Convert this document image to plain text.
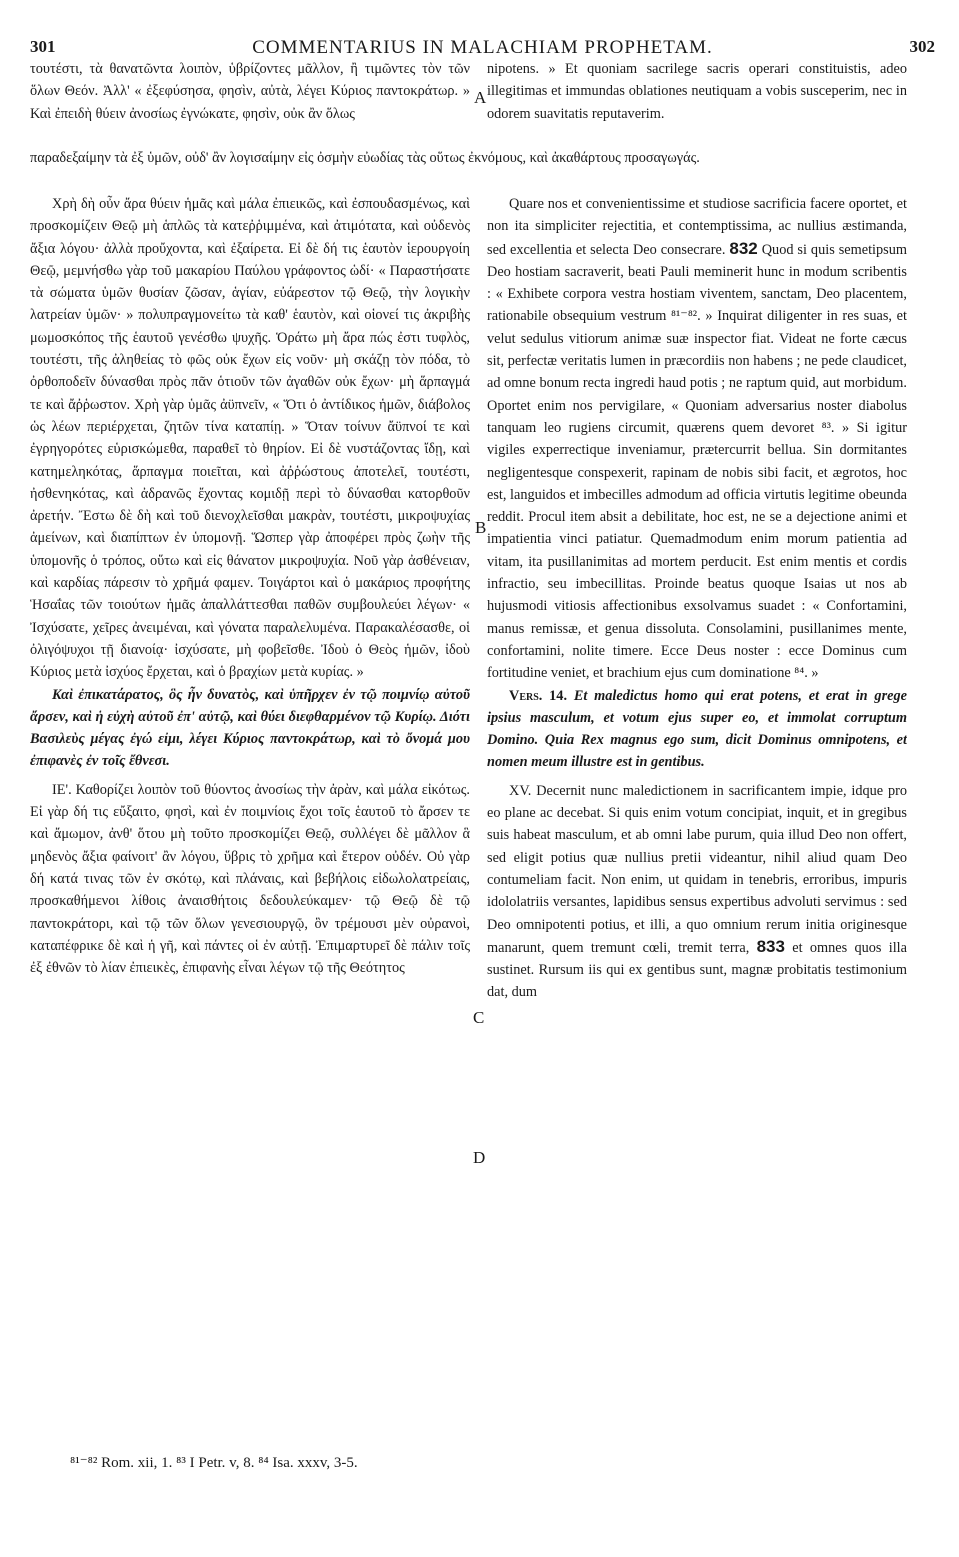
301	COMMENTARIUS IN MALACHIAM PROPHETAM.	302
A
B
C
D

τουτέστι, τὰ θανατῶντα λοιπὸν, ὑβρίζοντες μᾶλλον, ἢ τιμῶντες τὸν τῶν ὅλων Θεόν. Ἀλλ' « ἐξεφύσησα, φησὶν, αὐτὰ, λέγει Κύριος παντοκράτωρ. » Καὶ ἐπειδὴ θύειν ἀνοσίως ἐγνώκατε, φησὶν, οὐκ ἂν ὅλως

nipotens. » Et quoniam sacrilege sacris operari constituistis, adeo illegitimas et immundas oblationes neutiquam a vobis susceperim, nec in odorem suavitatis reputaverim.

παραδεξαίμην τὰ ἐξ ὑμῶν, οὐδ' ἂν λογισαίμην εἰς ὀσμὴν εὐωδίας τὰς οὕτως ἐκνόμους, καὶ ἀκαθάρτους προσαγωγάς.

Χρὴ δὴ οὖν ἄρα θύειν ἡμᾶς καὶ μάλα ἐπιεικῶς, καὶ ἐσπουδασμένως, καὶ προσκομίζειν Θεῷ μὴ ἁπλῶς τὰ κατεῤῥιμμένα, καὶ ἀτιμότατα, καὶ οὐδενὸς ἄξια λόγου· ἀλλὰ προὔχοντα, καὶ ἐξαίρετα. Εἰ δὲ δή τις ἑαυτὸν ἱερουργοίη Θεῷ, μεμνήσθω γὰρ τοῦ μακαρίου Παύλου γράφοντος ὡδί· « Παραστήσατε τὰ σώματα ὑμῶν θυσίαν ζῶσαν, ἁγίαν, εὐάρεστον τῷ Θεῷ, τὴν λογικὴν λατρείαν ὑμῶν· » πολυπραγμονείτω τὰ καθ' ἑαυτὸν, καὶ οἱονεί τις ἀκριβὴς μωμοσκόπος τῆς ἑαυτοῦ γενέσθω ψυχῆς. Ὁράτω μὴ ἄρα πώς ἐστι τυφλὸς, τουτέστι, τῆς ἀληθείας τὸ φῶς οὐκ ἔχων εἰς νοῦν· μὴ σκάζῃ τὸν πόδα, τὸ ὀρθοποδεῖν δύνασθαι πρὸς πᾶν ὁτιοῦν τῶν ἀγαθῶν οὐκ ἔχων· μὴ ἅρπαγμά τε καὶ ἄῤῥωστον. Χρὴ γὰρ ὑμᾶς ἀϋπνεῖν, « Ὅτι ὁ ἀντίδικος ἡμῶν, διάβολος ὡς λέων περιέρχεται, ζητῶν τίνα καταπίῃ. » Ὅταν τοίνυν ἄϋπνοί τε καὶ ἐγρηγορότες εὑρισκώμεθα, παραθεῖ τὸ θηρίον. Εἰ δὲ νυστάζοντας ἴδῃ, καὶ κατημεληκότας, ἅρπαγμα ποιεῖται, καὶ ἀῤῥώστους ἀποτελεῖ, τουτέστι, ἠσθενηκότας, καὶ ἀδρανῶς ἔχοντας κομιδῇ περὶ τὸ δύνασθαι κατορθοῦν ἀρετήν. Ἔστω δὲ δὴ καὶ τοῦ διενοχλεῖσθαι μακρὰν, τουτέστι, μικροψυχίας ἀμείνων, καὶ διαπίπτων ἐν ὑπομονῇ. Ὥσπερ γὰρ ἀποφέρει πρὸς ζωὴν τῆς ὑπομονῆς ὁ τρόπος, οὕτω καὶ εἰς θάνατον μικροψυχία. Νοῦ γὰρ ἀσθένειαν, καὶ καρδίας πάρεσιν τὸ χρῆμά φαμεν. Τοιγάρτοι καὶ ὁ μακάριος προφήτης Ἡσαΐας τῶν τοιούτων ἡμᾶς ἀπαλλάττεσθαι παθῶν συμβουλεύει λέγων· « Ἰσχύσατε, χεῖρες ἀνειμέναι, καὶ γόνατα παραλελυμένα. Παρακαλέσασθε, οἱ ὀλιγόψυχοι τῇ διανοίᾳ· ἰσχύσατε, μὴ φοβεῖσθε. Ἰδοὺ ὁ Θεὸς ἡμῶν, ἰδοὺ Κύριος μετὰ ἰσχύος ἔρχεται, καὶ ὁ βραχίων μετὰ κυρίας. »

Καὶ ἐπικατάρατος, ὃς ἦν δυνατὸς, καὶ ὑπῆρχεν ἐν τῷ ποιμνίῳ αὐτοῦ ἄρσεν, καὶ ἡ εὐχὴ αὐτοῦ ἐπ' αὐτῷ, καὶ θύει διεφθαρμένον τῷ Κυρίῳ. Διότι Βασιλεὺς μέγας ἐγώ εἰμι, λέγει Κύριος παντοκράτωρ, καὶ τὸ ὄνομά μου ἐπιφανὲς ἐν τοῖς ἔθνεσι.

ΙΕ'. Καθορίζει λοιπὸν τοῦ θύοντος ἀνοσίως τὴν ἀρὰν, καὶ μάλα εἰκότως. Εἰ γὰρ δή τις εὔξαιτο, φησὶ, καὶ ἐν ποιμνίοις ἔχοι τοῖς ἑαυτοῦ τὸ ἄρσεν τε καὶ ἄμωμον, ἀνθ' ὅτου μὴ τοῦτο προσκομίζει Θεῷ, συλλέγει δὲ μᾶλλον ἃ μηδενὸς ἄξια φαίνοιτ' ἂν λόγου, ὕβρις τὸ χρῆμα καὶ ἕτερον οὐδέν. Οὐ γὰρ δή κατά τινας τῶν ἐν σκότῳ, καὶ πλάναις, καὶ βεβήλοις εἰδωλολατρείαις, προσκαθήμενοι λίθοις ἀναισθήτοις δεδουλεύκαμεν· τῷ Θεῷ δὲ τῷ παντοκράτορι, καὶ τῷ τῶν ὅλων γενεσιουργῷ, ὃν τρέμουσι μὲν οὐρανοὶ, καταπέφρικε δὲ καὶ ἡ γῆ, καὶ πάντες οἱ ἐν αὐτῇ. Ἐπιμαρτυρεῖ δὲ πάλιν τοῖς ἐξ ἐθνῶν τὸ λίαν ἐπιεικὲς, ἐπιφανὴς εἶναι λέγων τῷ τῆς Θεότητος

Quare nos et convenientissime et studiose sacrificia facere oportet, et non ita simpliciter rejectitia, et contemptissima, ac nullius æstimanda, sed excellentia et selecta Deo consecrare. 832 Quod si quis semetipsum Deo hostiam sacraverit, beati Pauli meminerit hunc in modum scribentis : « Exhibete corpora vestra hostiam viventem, sanctam, Deo placentem, rationabile obsequium vestrum ⁸¹⁻⁸². » Inquirat diligenter in res suas, et velut sedulus vitiorum animæ suæ inspector fiat. Videat ne forte cæcus sit, perfectæ veritatis lumen in præcordiis non habens ; ne pede claudicet, ad omne bonum recta ingredi haud potis ; ne raptum quid, aut morbidum. Oportet enim nos pervigilare, « Quoniam adversarius noster diabolus tanquam leo rugiens circumit, quærens quem devoret ⁸³. » Si igitur vigiles experrectique inveniamur, prætercurrit bellua. Sin dormitantes negligentesque conspexerit, rapinam de nobis sibi facit, et ægrotos, hoc est, languidos et imbecilles admodum ad officia virtutis legitime obeunda reddit. Procul item absit a debilitate, hoc est, ne se a dejectione animi et impatientia vinci patiatur. Quemadmodum enim morum patientia ad vitam, ita pusillanimitas ad mortem perducit. Est enim mentis et cordis infractio, seu imbecillitas. Proinde beatus quoque Isaias ut nos ab hujusmodi vitiosis affectionibus exsolvamus suadet : « Confortamini, manus remissæ, et genua dissoluta. Consolamini, pusillanimes mente, confortamini, nolite timere. Ecce Deus noster : ecce Dominus cum fortitudine veniet, et brachium ejus cum dominatione ⁸⁴. »

Vers. 14. Et maledictus homo qui erat potens, et erat in grege ipsius masculum, et votum ejus super eo, et immolat corruptum Domino. Quia Rex magnus ego sum, dicit Dominus omnipotens, et nomen meum illustre est in gentibus.

XV. Decernit nunc maledictionem in sacrificantem impie, idque pro eo plane ac decebat. Si quis enim votum concipiat, inquit, et in gregibus suis habeat masculum, et ab omni labe purum, quia illud Deo non offert, sed eligit potius quæ nullius pretii videantur, nihil aliud quam Deo contumeliam facit. Non enim, ut quidam in tenebris, erroribus, impuris idololatriis versantes, lapidibus sensus expertibus advoluti servimus : sed Deo omnipotenti potius, et illi, a quo omnium rerum initia originesque manarunt, quem tremunt cœli, tremit terra, 833 et omnes quos illa sustinet. Rursum iis qui ex gentibus sunt, magnæ probitatis testimonium dat, dum

⁸¹⁻⁸² Rom. xii, 1. ⁸³ I Petr. v, 8. ⁸⁴ Isa. xxxv, 3-5.
